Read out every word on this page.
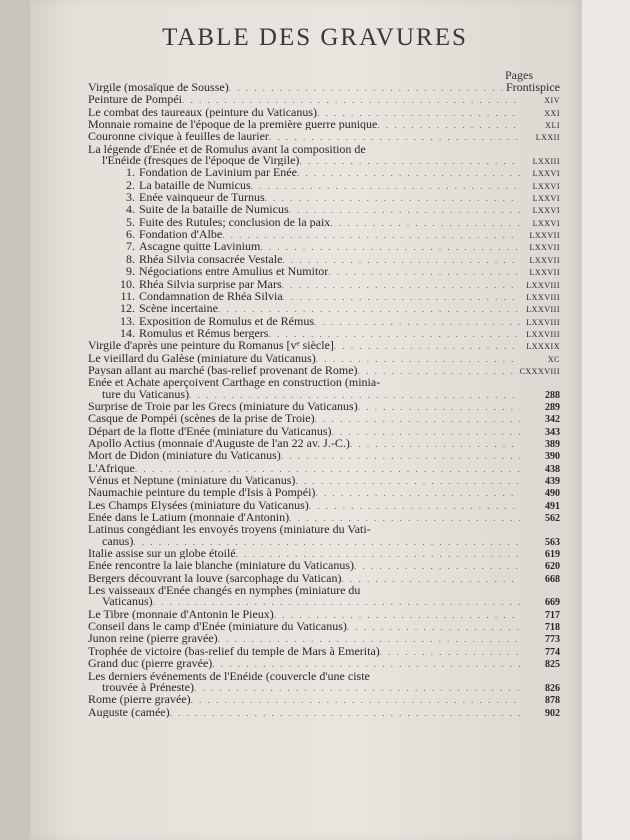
TABLE DES GRAVURES
Pages
Virgile (mosaïque de Sousse) . . .	Frontispice
Peinture de Pompéi . . .	XIV
Le combat des taureaux (peinture du Vaticanus) . . .	XXI
Monnaie romaine de l'époque de la première guerre punique . . .	XLI
Couronne civique à feuilles de laurier . . .	LXXII
La légende d'Enée et de Romulus avant la composition de
l'Enéide (fresques de l'époque de Virgile) . . .	LXXIII
1. Fondation de Lavinium par Enée . . .	LXXVI
2. La bataille de Numicus . . .	LXXVI
3. Enée vainqueur de Turnus . . .	LXXVI
4. Suite de la bataille de Numicus . . .	LXXVI
5. Fuite des Rutules; conclusion de la paix . . .	LXXVI
6. Fondation d'Albe . . .	LXXVII
7. Ascagne quitte Lavinium . . .	LXXVII
8. Rhéa Silvia consacrée Vestale . . .	LXXVII
9. Négociations entre Amulius et Numitor . . .	LXXVII
10. Rhéa Silvia surprise par Mars . . .	LXXVIII
11. Condamnation de Rhéa Silvia . . .	LXXVIII
12. Scène incertaine . . .	LXXVIII
13. Exposition de Romulus et de Rémus . . .	LXXVIII
14. Romulus et Rémus bergers . . .	LXXVIII
Virgile d'après une peinture du Romanus [vᵉ siècle] . . .	LXXXIX
Le vieillard du Galèse (miniature du Vaticanus) . . .	XC
Paysan allant au marché (bas-relief provenant de Rome) . . .	CXXXVIII
Enée et Achate aperçoivent Carthage en construction (minia-
ture du Vaticanus) . . .	288
Surprise de Troie par les Grecs (miniature du Vaticanus) . . .	289
Casque de Pompéi (scènes de la prise de Troie) . . .	342
Départ de la flotte d'Enée (miniature du Vaticanus) . . .	343
Apollo Actius (monnaie d'Auguste de l'an 22 av. J.-C.) . . .	389
Mort de Didon (miniature du Vaticanus) . . .	390
L'Afrique . . .	438
Vénus et Neptune (miniature du Vaticanus) . . .	439
Naumachie peinture du temple d'Isis à Pompéi) . . .	490
Les Champs Elysées (miniature du Vaticanus) . . .	491
Enée dans le Latium (monnaie d'Antonin) . . .	562
Latinus congédiant les envoyés troyens (miniature du Vati-
canus) . . .	563
Italie assise sur un globe étoilé . . .	619
Enée rencontre la laie blanche (miniature du Vaticanus) . . .	620
Bergers découvrant la louve (sarcophage du Vatican) . . .	668
Les vaisseaux d'Enée changés en nymphes (miniature du
Vaticanus) . . .	669
Le Tibre (monnaie d'Antonin le Pieux) . . .	717
Conseil dans le camp d'Enée (miniature du Vaticanus) . . .	718
Junon reine (pierre gravée) . . .	773
Trophée de victoire (bas-relief du temple de Mars à Emerita) . . .	774
Grand duc (pierre gravée) . . .	825
Les derniers événements de l'Enéide (couvercle d'une ciste
trouvée à Préneste) . . .	826
Rome (pierre gravée) . . .	878
Auguste (camée) . . .	902
